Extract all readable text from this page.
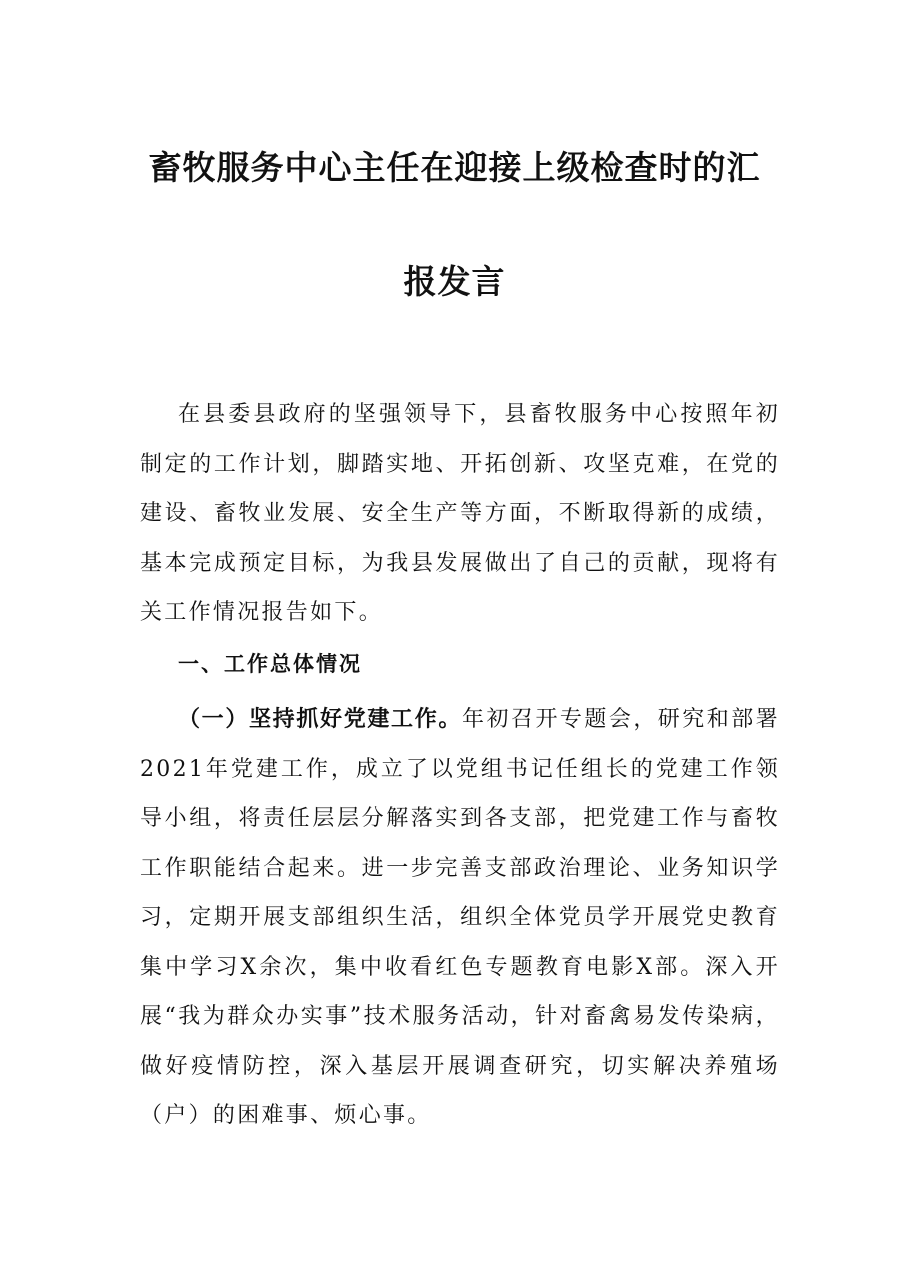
畜牧服务中心主任在迎接上级检查时的汇
报发言

在县委县政府的坚强领导下，县畜牧服务中心按照年初制定的工作计划，脚踏实地、开拓创新、攻坚克难，在党的建设、畜牧业发展、安全生产等方面，不断取得新的成绩，基本完成预定目标，为我县发展做出了自己的贡献，现将有关工作情况报告如下。

一、工作总体情况

（一）坚持抓好党建工作。年初召开专题会，研究和部署2021年党建工作，成立了以党组书记任组长的党建工作领导小组，将责任层层分解落实到各支部，把党建工作与畜牧工作职能结合起来。进一步完善支部政治理论、业务知识学习，定期开展支部组织生活，组织全体党员学开展党史教育集中学习X余次，集中收看红色专题教育电影X部。深入开展“我为群众办实事”技术服务活动，针对畜禽易发传染病，做好疫情防控，深入基层开展调查研究，切实解决养殖场（户）的困难事、烦心事。
